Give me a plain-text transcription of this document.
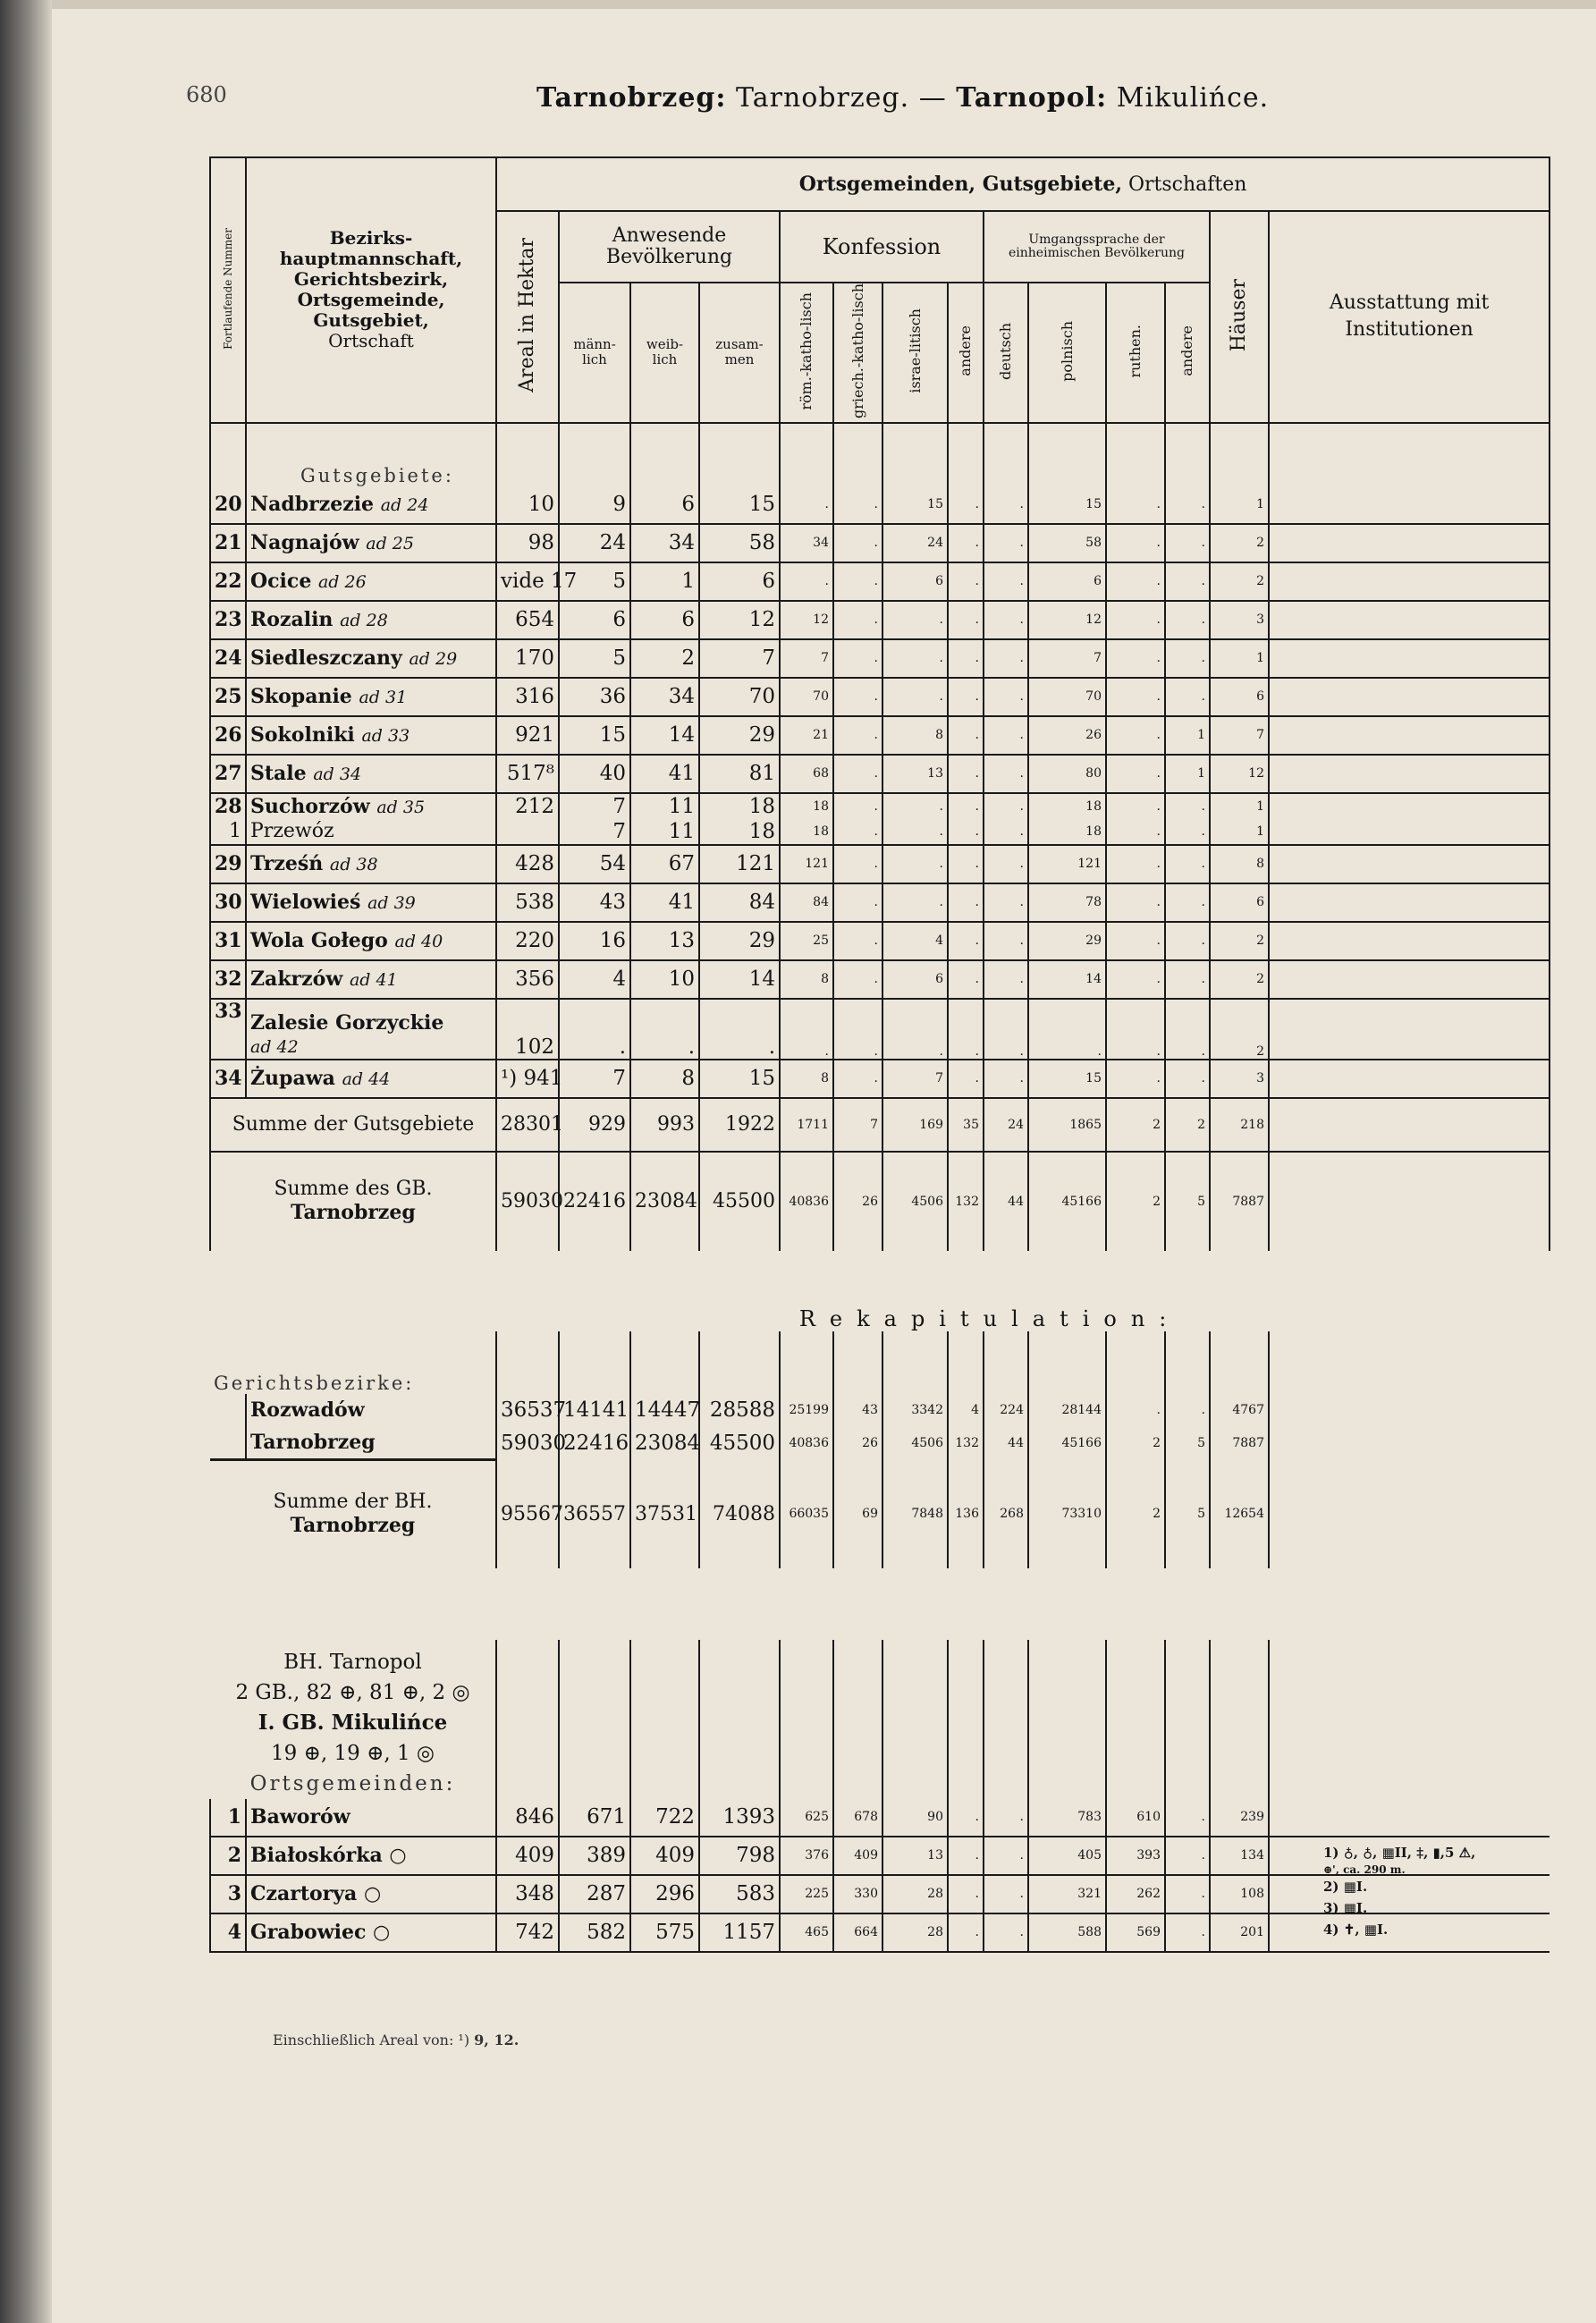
680	Tarnobrzeg: Tarnobrzeg. — Tarnopol: Mikulińce.
Fortlaufende Nummer	Bezirks-hauptmannschaft, Gerichtsbezirk, Ortsgemeinde, Gutsgebiet,
Ortschaft	Ortsgemeinden, Gutsgebiete, Ortschaften													
		Areal in Hektar	Anwesende Bevölkerung			Konfession				Umgangssprache der einheimischen Bevölkerung				Häuser	Ausstattung mit Institutionen
			männ-lich	weib-lich	zusam-men	röm.-katho-lisch	griech.-katho-lisch	israe-litisch	andere	deutsch	polnisch	ruthen.	andere		
	Gutsgebiete:														
20	Nadbrzezie ad 24	10	9	6	15	.	.	15	.	.	15	.	.	1	
21	Nagnajów ad 25	98	24	34	58	34	.	24	.	.	58	.	.	2	
22	Ocice ad 26	vide 17	5	1	6	.	.	6	.	.	6	.	.	2	
23	Rozalin ad 28	654	6	6	12	12	.	.	.	.	12	.	.	3	
24	Siedleszczany ad 29	170	5	2	7	7	.	.	.	.	7	.	.	1	
25	Skopanie ad 31	316	36	34	70	70	.	.	.	.	70	.	.	6	
26	Sokolniki ad 33	921	15	14	29	21	.	8	.	.	26	.	1	7	
27	Stale ad 34	517⁸	40	41	81	68	.	13	.	.	80	.	1	12	
28	Suchorzów ad 35	212	7	11	18	18	.	.	.	.	18	.	.	1	
1	Przewóz		7	11	18	18	.	.	.	.	18	.	.	1	
29	Trześń ad 38	428	54	67	121	121	.	.	.	.	121	.	.	8	
30	Wielowieś ad 39	538	43	41	84	84	.	.	.	.	78	.	.	6	
31	Wola Gołego ad 40	220	16	13	29	25	.	4	.	.	29	.	.	2	
32	Zakrzów ad 41	356	4	10	14	8	.	6	.	.	14	.	.	2	
33	Zalesie Gorzyckie
ad 42	102	.	.	.	.	.	.	.	.	.	.	.	2	
34	Żupawa ad 44	¹) 941	7	8	15	8	.	7	.	.	15	.	.	3	
Summe der Gutsgebiete		28301	929	993	1922	1711	7	169	35	24	1865	2	2	218	
Summe des GB.
Tarnobrzeg		59030	22416	23084	45500	40836	26	4506	132	44	45166	2	5	7887	
Rekapitulation:															
Gerichtsbezirke:															
	Rozwadów	36537	14141	14447	28588	25199	43	3342	4	224	28144	.	.	4767	
	Tarnobrzeg	59030	22416	23084	45500	40836	26	4506	132	44	45166	2	5	7887	
Summe der BH.
Tarnobrzeg		95567	36557	37531	74088	66035	69	7848	136	268	73310	2	5	12654	

BH. Tarnopol
2 GB., 82 ⊕, 81 ⊕, 2 ◎
I. GB. Mikulińce
19 ⊕, 19 ⊕, 1 ◎
Ortsgemeinden:															
1	Baworów	846	671	722	1393	625	678	90	.	.	783	610	.	239	
2	Białoskórka ○	409	389	409	798	376	409	13	.	.	405	393	.	134	
3	Czartorya ○	348	287	296	583	225	330	28	.	.	321	262	.	108	
4	Grabowiec ○	742	582	575	1157	465	664	28	.	.	588	569	.	201	
1) ♁, ♁, ▦II, ‡, ▮,5 ⚠,
⊕', ca. 290 m.
2) ▦I.
3) ▦I.
4) ✝, ▦I.
Einschließlich Areal von: ¹) 9, 12.
